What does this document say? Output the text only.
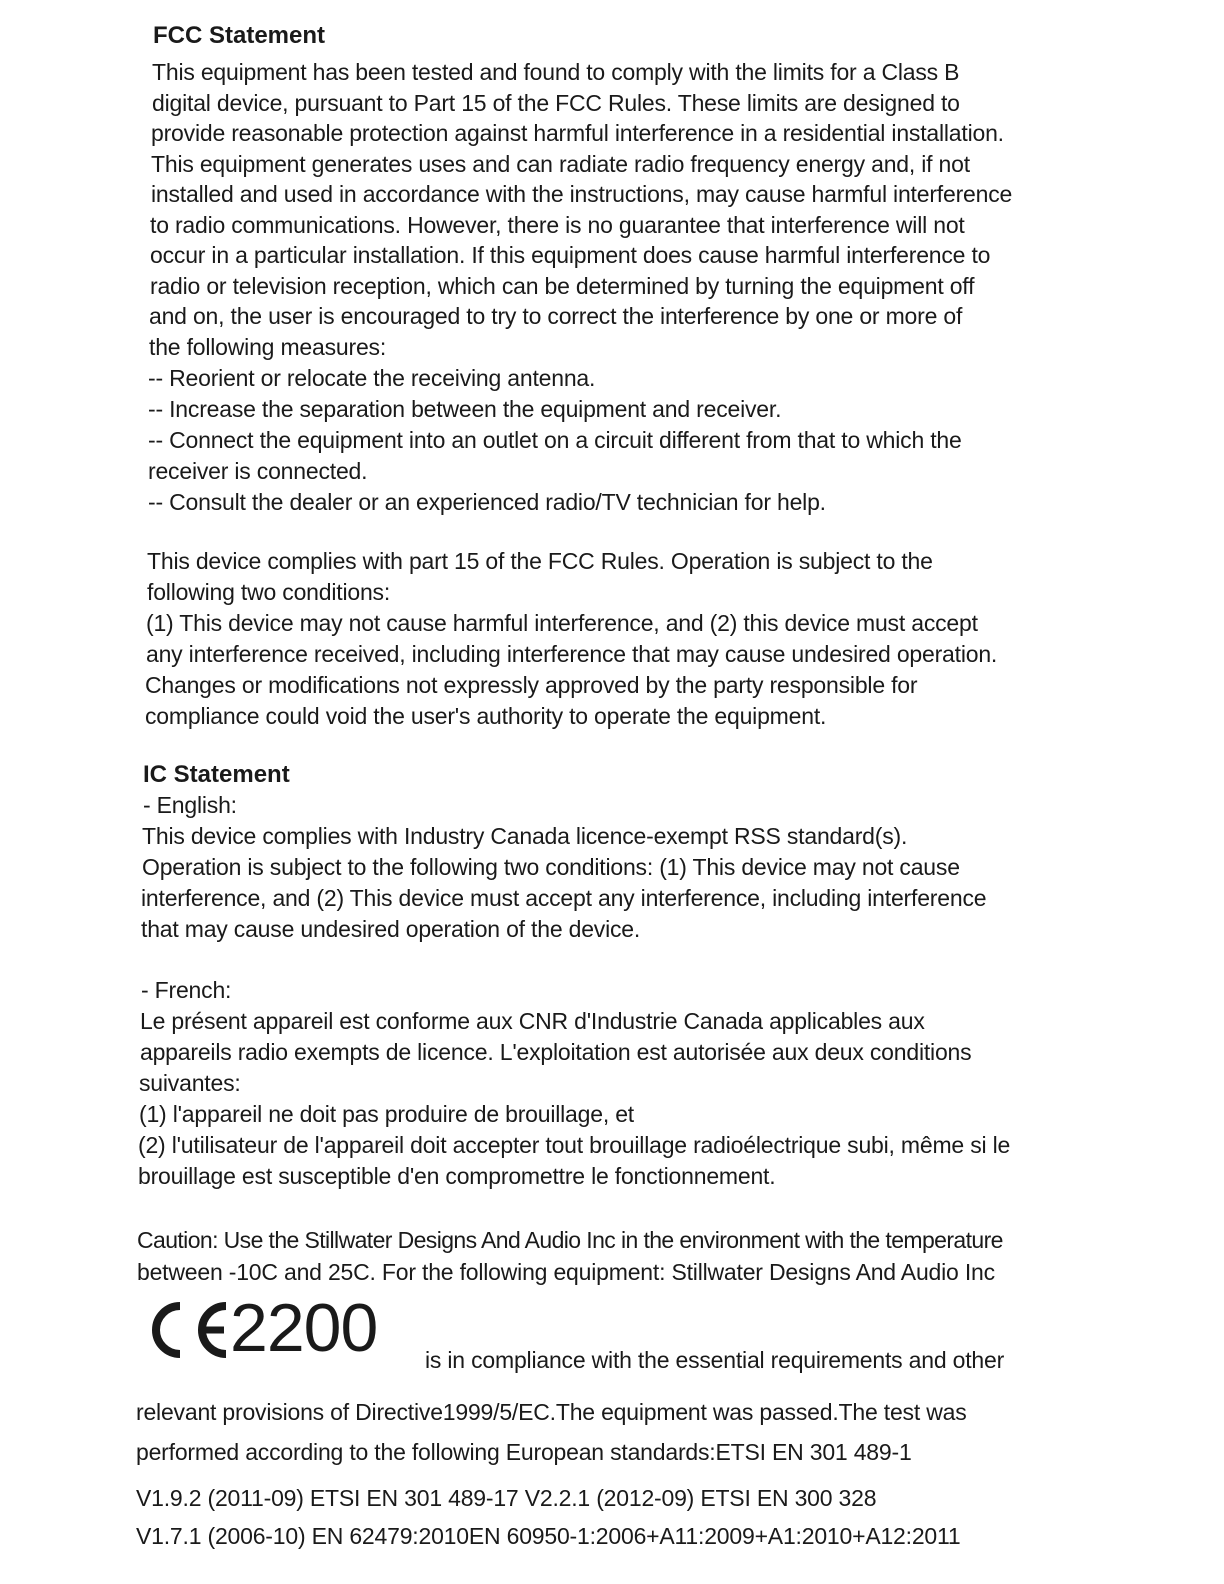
FCC Statement
This equipment has been tested and found to comply with the limits for a Class B
digital device, pursuant to Part 15 of the FCC Rules. These limits are designed to
provide reasonable protection against harmful interference in a residential installation.
This equipment generates uses and can radiate radio frequency energy and, if not
installed and used in accordance with the instructions, may cause harmful interference
to radio communications. However, there is no guarantee that interference will not
occur in a particular installation. If this equipment does cause harmful interference to
radio or television reception, which can be determined by turning the equipment off
and on, the user is encouraged to try to correct the interference by one or more of
the following measures:
-- Reorient or relocate the receiving antenna.
-- Increase the separation between the equipment and receiver.
-- Connect the equipment into an outlet on a circuit different from that to which the
receiver is connected.
-- Consult the dealer or an experienced radio/TV technician for help.
This device complies with part 15 of the FCC Rules. Operation is subject to the
following two conditions:
(1) This device may not cause harmful interference, and (2) this device must accept
any interference received, including interference that may cause undesired operation.
Changes or modifications not expressly approved by the party responsible for
compliance could void the user's authority to operate the equipment.
IC Statement
- English:
This device complies with Industry Canada licence-exempt RSS standard(s).
Operation is subject to the following two conditions: (1) This device may not cause
interference, and (2) This device must accept any interference, including interference
that may cause undesired operation of the device.
- French:
Le présent appareil est conforme aux CNR d'Industrie Canada applicables aux
appareils radio exempts de licence. L'exploitation est autorisée aux deux conditions
suivantes:
(1) l'appareil ne doit pas produire de brouillage, et
(2) l'utilisateur de l'appareil doit accepter tout brouillage radioélectrique subi, même si le
brouillage est susceptible d'en compromettre le fonctionnement.
Caution: Use the Stillwater Designs And Audio Inc in the environment with the temperature
between -10C and 25C. For the following equipment: Stillwater Designs And Audio Inc
2200 is in compliance with the essential requirements and other
relevant provisions of Directive1999/5/EC.The equipment was passed.The test was
performed according to the following European standards:ETSI EN 301 489-1
V1.9.2 (2011-09) ETSI EN 301 489-17 V2.2.1 (2012-09) ETSI EN 300 328
V1.7.1 (2006-10) EN 62479:2010EN 60950-1:2006+A11:2009+A1:2010+A12:2011
